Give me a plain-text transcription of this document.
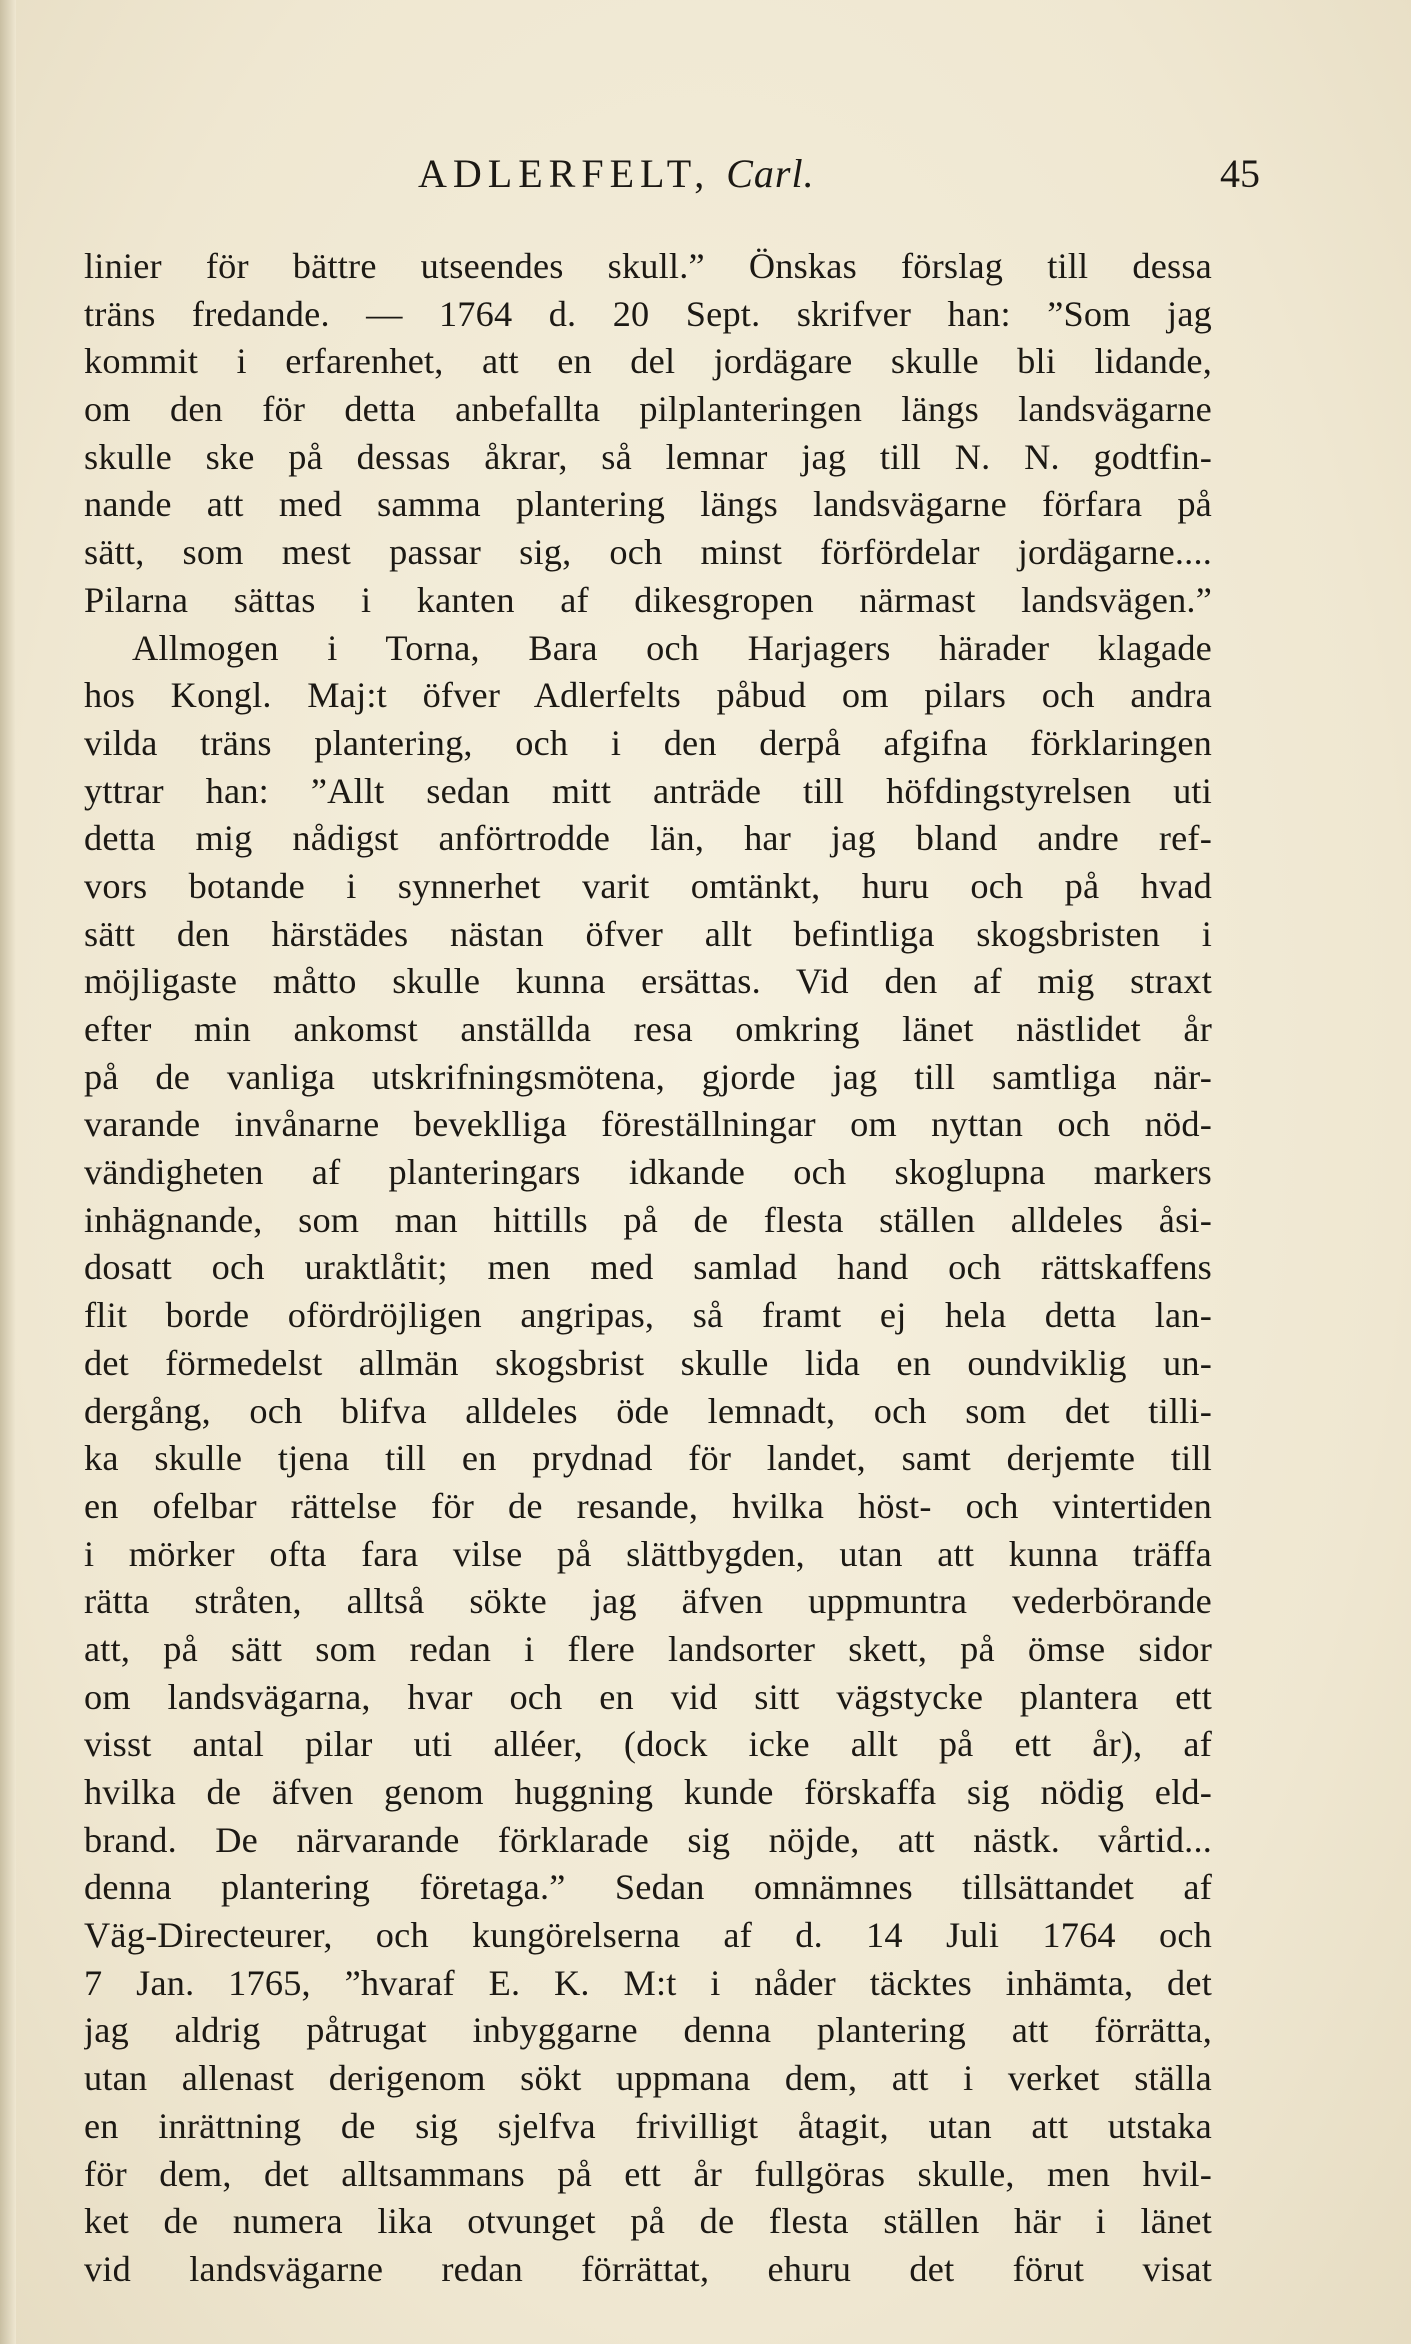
ADLERFELT, Carl.	45
linier för bättre utseendes skull.” Önskas förslag till dessa
träns fredande. — 1764 d. 20 Sept. skrifver han: ”Som jag
kommit i erfarenhet, att en del jordägare skulle bli lidande,
om den för detta anbefallta pilplanteringen längs landsvägarne
skulle ske på dessas åkrar, så lemnar jag till N. N. godtfin-
nande att med samma plantering längs landsvägarne förfara på
sätt, som mest passar sig, och minst förfördelar jordägarne....
Pilarna sättas i kanten af dikesgropen närmast landsvägen.”
Allmogen i Torna, Bara och Harjagers härader klagade
hos Kongl. Maj:t öfver Adlerfelts påbud om pilars och andra
vilda träns plantering, och i den derpå afgifna förklaringen
yttrar han: ”Allt sedan mitt anträde till höfdingstyrelsen uti
detta mig nådigst anförtrodde län, har jag bland andre ref-
vors botande i synnerhet varit omtänkt, huru och på hvad
sätt den härstädes nästan öfver allt befintliga skogsbristen i
möjligaste måtto skulle kunna ersättas. Vid den af mig straxt
efter min ankomst anställda resa omkring länet nästlidet år
på de vanliga utskrifningsmötena, gjorde jag till samtliga när-
varande invånarne beveklliga föreställningar om nyttan och nöd-
vändigheten af planteringars idkande och skoglupna markers
inhägnande, som man hittills på de flesta ställen alldeles åsi-
dosatt och uraktlåtit; men med samlad hand och rättskaffens
flit borde ofördröjligen angripas, så framt ej hela detta lan-
det förmedelst allmän skogsbrist skulle lida en oundviklig un-
dergång, och blifva alldeles öde lemnadt, och som det tilli-
ka skulle tjena till en prydnad för landet, samt derjemte till
en ofelbar rättelse för de resande, hvilka höst- och vintertiden
i mörker ofta fara vilse på slättbygden, utan att kunna träffa
rätta stråten, alltså sökte jag äfven uppmuntra vederbörande
att, på sätt som redan i flere landsorter skett, på ömse sidor
om landsvägarna, hvar och en vid sitt vägstycke plantera ett
visst antal pilar uti alléer, (dock icke allt på ett år), af
hvilka de äfven genom huggning kunde förskaffa sig nödig eld-
brand. De närvarande förklarade sig nöjde, att nästk. vårtid...
denna plantering företaga.” Sedan omnämnes tillsättandet af
Väg-Directeurer, och kungörelserna af d. 14 Juli 1764 och
7 Jan. 1765, ”hvaraf E. K. M:t i nåder täcktes inhämta, det
jag aldrig påtrugat inbyggarne denna plantering att förrätta,
utan allenast derigenom sökt uppmana dem, att i verket ställa
en inrättning de sig sjelfva frivilligt åtagit, utan att utstaka
för dem, det alltsammans på ett år fullgöras skulle, men hvil-
ket de numera lika otvunget på de flesta ställen här i länet
vid landsvägarne redan förrättat, ehuru det förut visat
